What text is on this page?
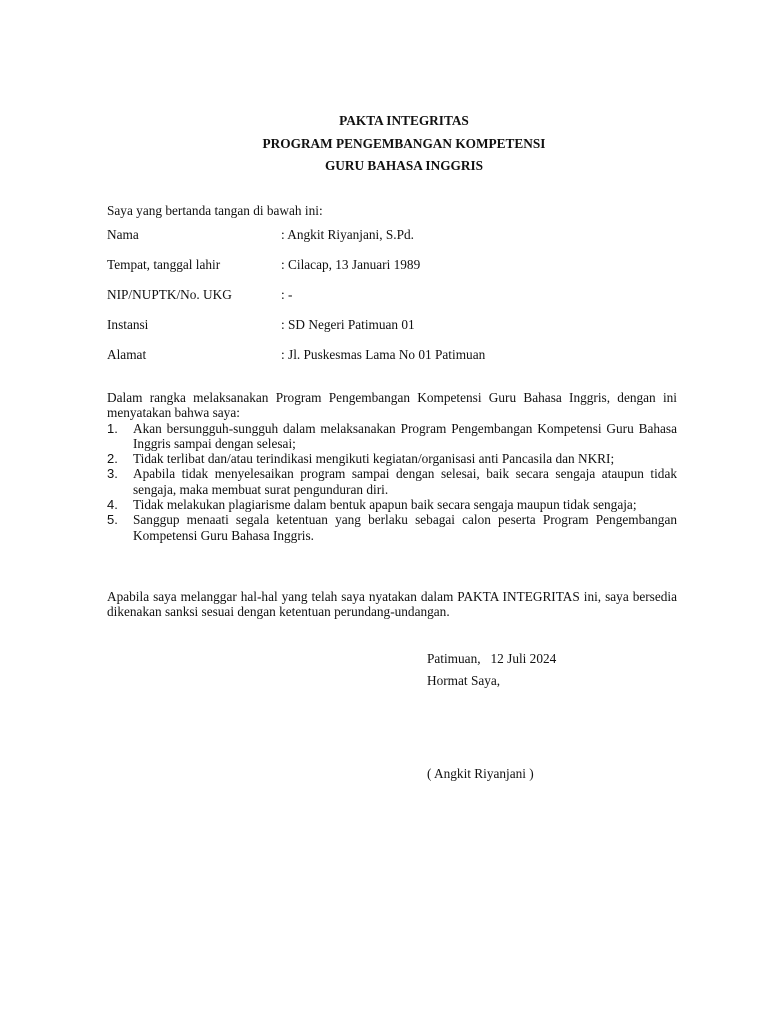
PAKTA INTEGRITAS
PROGRAM PENGEMBANGAN KOMPETENSI
GURU BAHASA INGGRIS
Saya yang bertanda tangan di bawah ini:
Nama	: Angkit Riyanjani, S.Pd.
Tempat, tanggal lahir	: Cilacap, 13 Januari 1989
NIP/NUPTK/No. UKG	: -
Instansi	: SD Negeri Patimuan 01
Alamat	: Jl. Puskesmas Lama No 01 Patimuan

Dalam rangka melaksanakan Program Pengembangan Kompetensi Guru Bahasa Inggris, dengan ini menyatakan bahwa saya:

1.	Akan bersungguh-sungguh dalam melaksanakan Program Pengembangan Kompetensi Guru Bahasa Inggris sampai dengan selesai;
2.	Tidak terlibat dan/atau terindikasi mengikuti kegiatan/organisasi anti Pancasila dan NKRI;
3.	Apabila tidak menyelesaikan program sampai dengan selesai, baik secara sengaja ataupun tidak sengaja, maka membuat surat pengunduran diri.
4.	Tidak melakukan plagiarisme dalam bentuk apapun baik secara sengaja maupun tidak sengaja;
5.	Sanggup menaati segala ketentuan yang berlaku sebagai calon peserta Program Pengembangan Kompetensi Guru Bahasa Inggris.
Apabila saya melanggar hal-hal yang telah saya nyatakan dalam PAKTA INTEGRITAS ini, saya bersedia dikenakan sanksi sesuai dengan ketentuan perundang-undangan.
Patimuan,   12 Juli 2024
Hormat Saya,
( Angkit Riyanjani )
